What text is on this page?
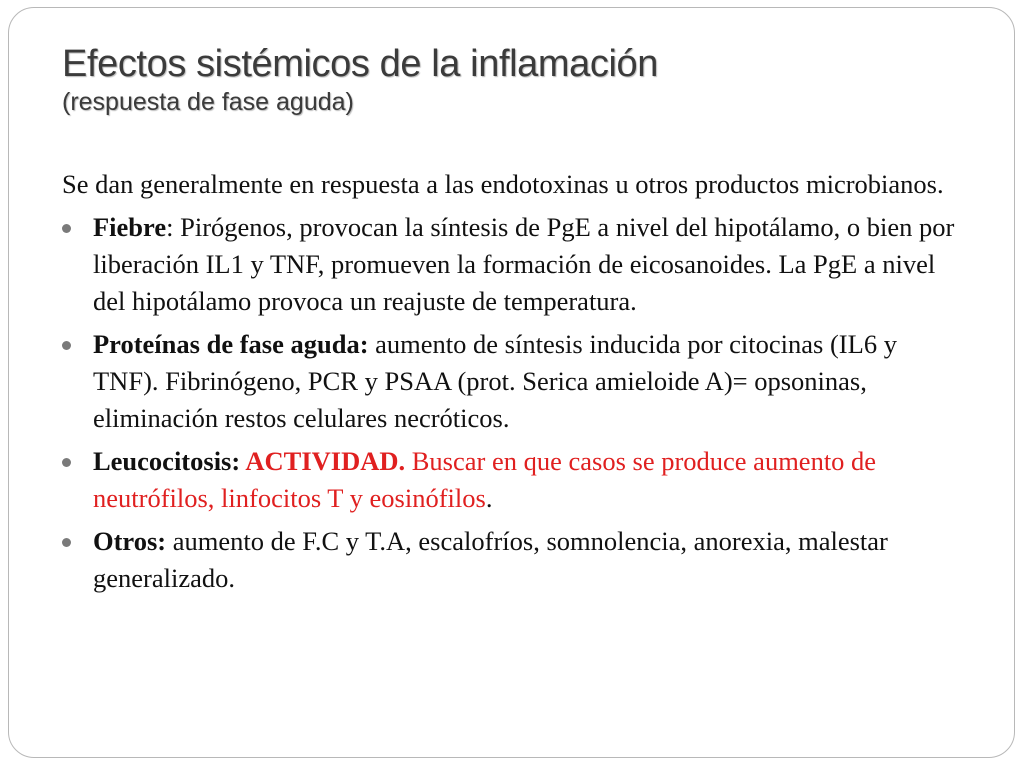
Efectos sistémicos de la inflamación
(respuesta de fase aguda)

Se dan generalmente en respuesta a las endotoxinas u otros productos microbianos.

Fiebre: Pirógenos, provocan la síntesis de PgE a nivel del hipotálamo, o bien por liberación IL1 y TNF, promueven la formación de eicosanoides. La PgE a nivel del hipotálamo provoca un reajuste de temperatura.
Proteínas de fase aguda: aumento de síntesis inducida por citocinas (IL6 y TNF). Fibrinógeno, PCR y PSAA (prot. Serica amieloide A)= opsoninas, eliminación restos celulares necróticos.
Leucocitosis: ACTIVIDAD. Buscar en que casos se produce aumento de neutrófilos, linfocitos T y eosinófilos.
Otros: aumento de F.C y T.A, escalofríos, somnolencia, anorexia, malestar generalizado.
